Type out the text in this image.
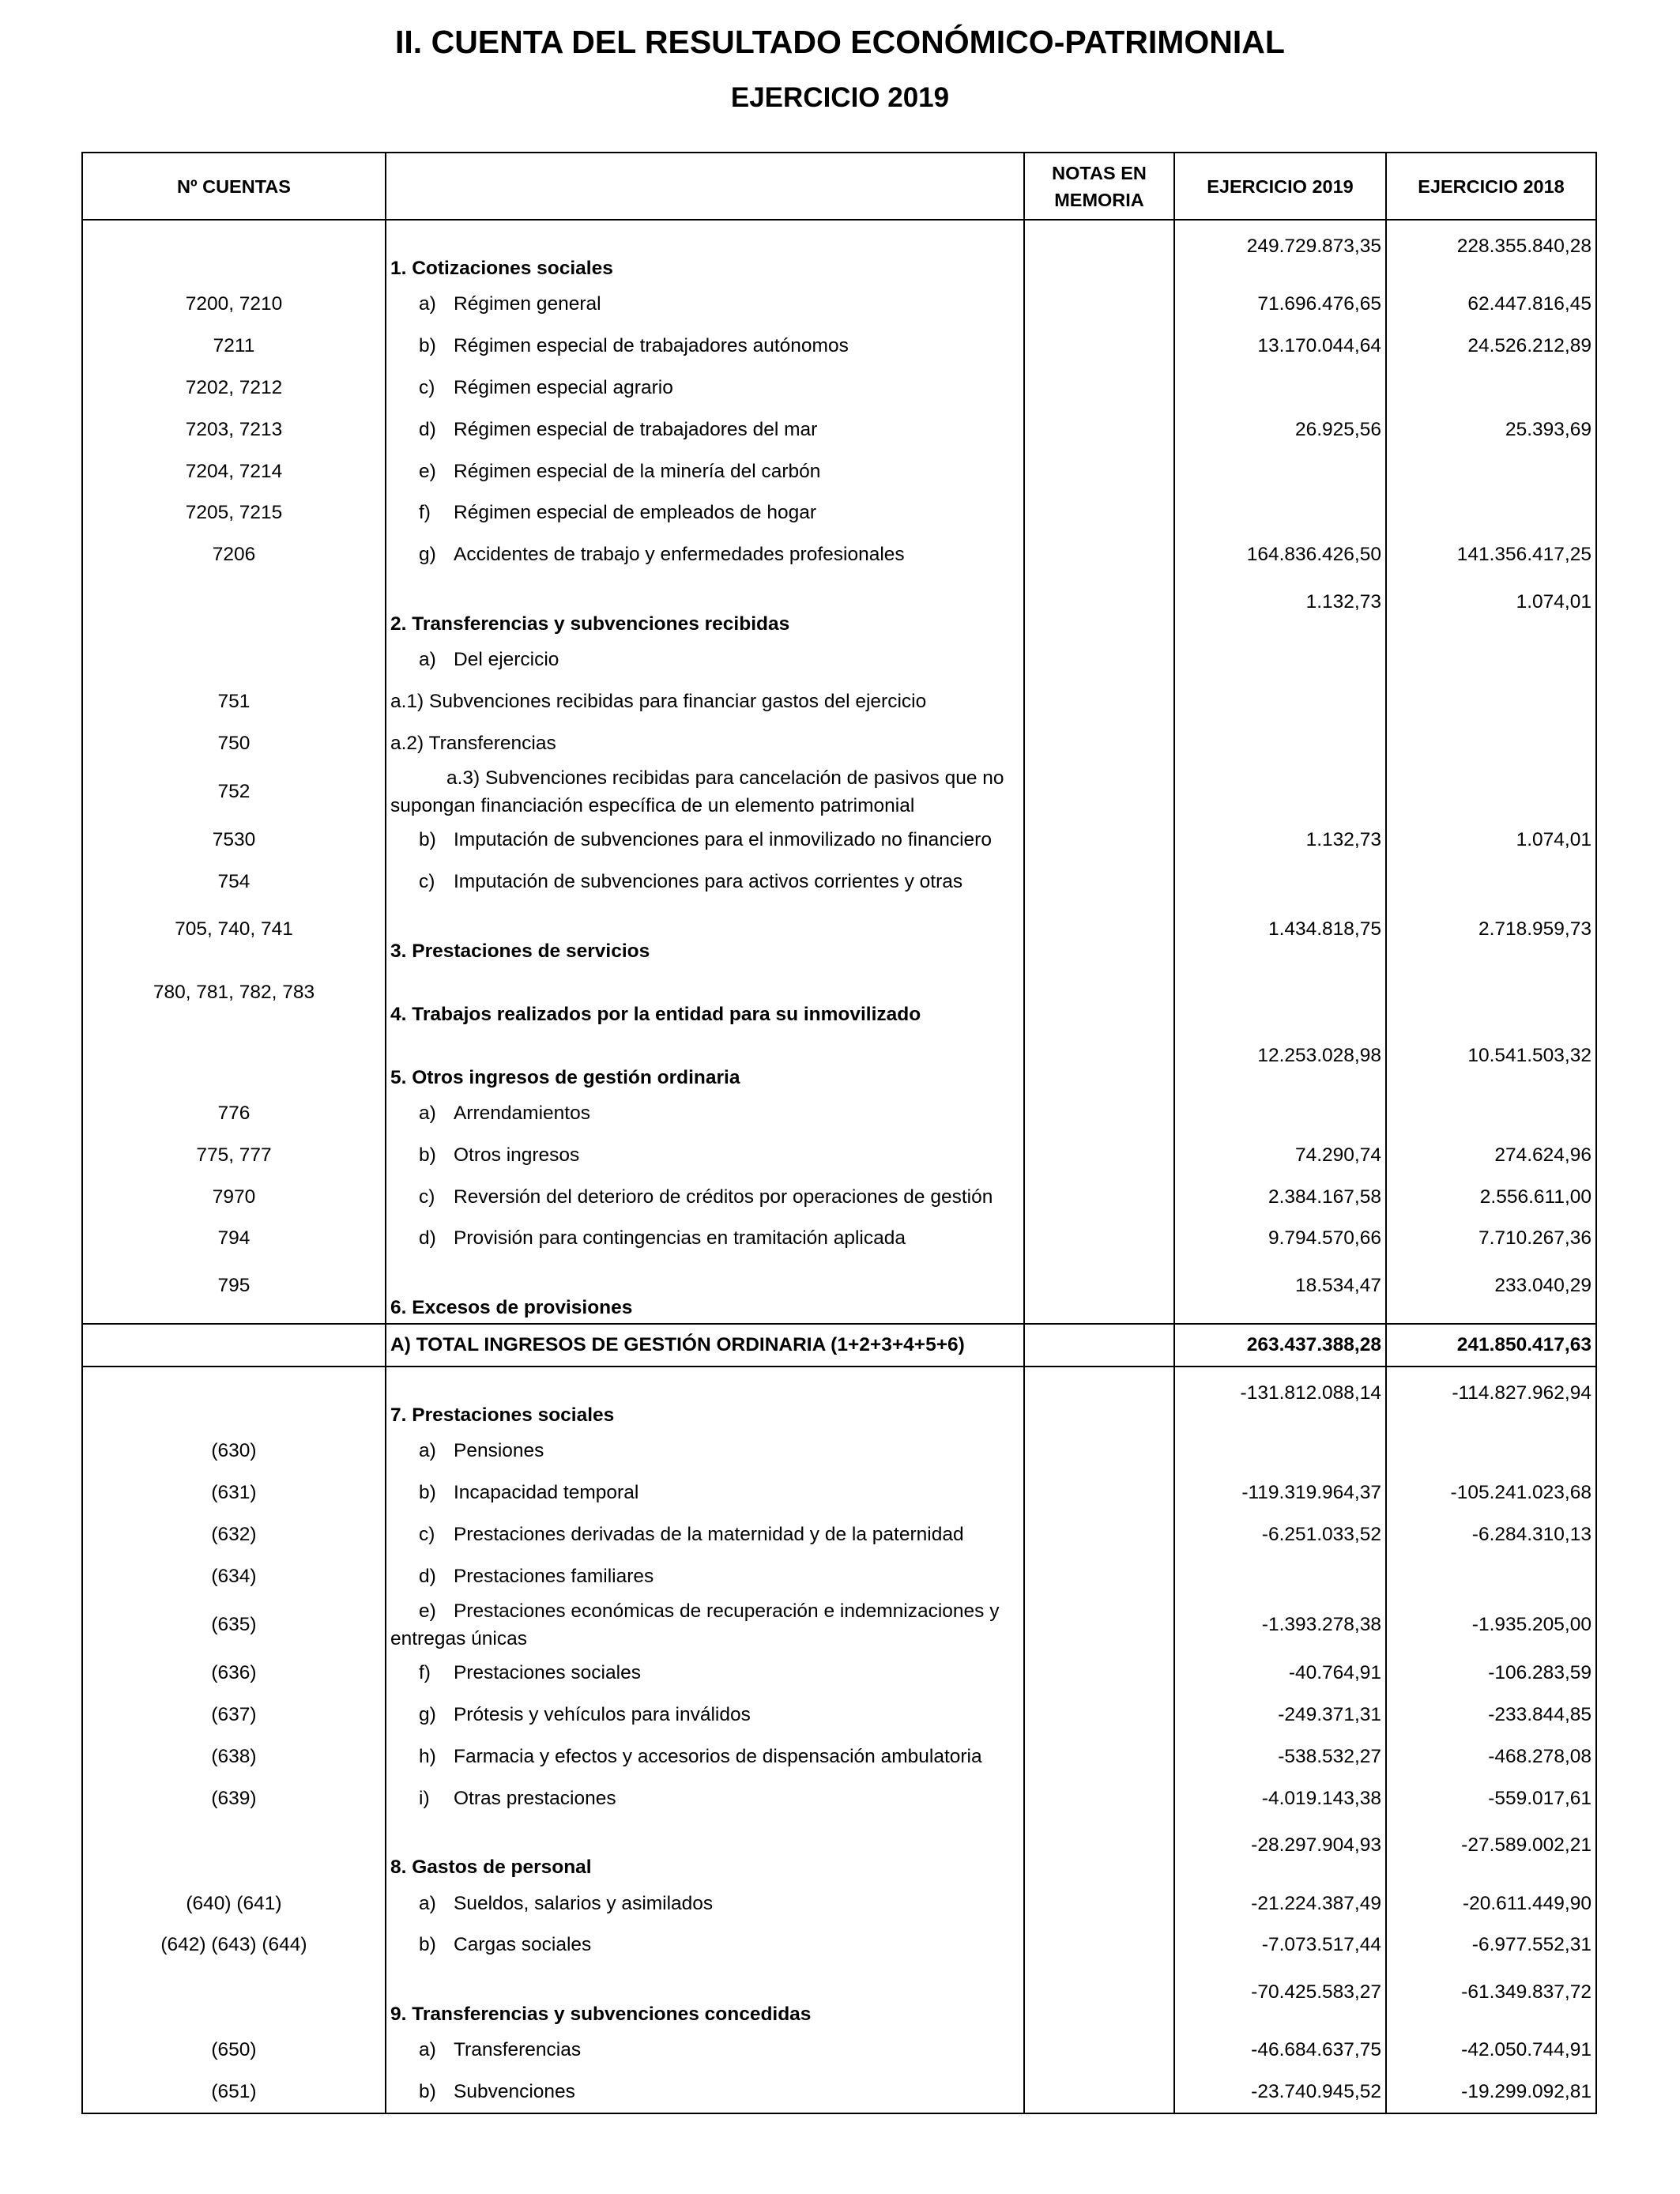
II. CUENTA DEL RESULTADO ECONÓMICO-PATRIMONIAL
EJERCICIO 2019
Nº CUENTAS		NOTAS EN MEMORIA	EJERCICIO 2019	EJERCICIO 2018
	1. Cotizaciones sociales		249.729.873,35	228.355.840,28
7200, 7210	a) Régimen general		71.696.476,65	62.447.816,45
7211	b) Régimen especial de trabajadores autónomos		13.170.044,64	24.526.212,89
7202, 7212	c) Régimen especial agrario			
7203, 7213	d) Régimen especial de trabajadores del mar		26.925,56	25.393,69
7204, 7214	e) Régimen especial de la minería del carbón			
7205, 7215	f) Régimen especial de empleados de hogar			
7206	g) Accidentes de trabajo y enfermedades profesionales		164.836.426,50	141.356.417,25
	2. Transferencias y subvenciones recibidas		1.132,73	1.074,01
	a) Del ejercicio			
751	a.1) Subvenciones recibidas para financiar gastos del ejercicio			
750	a.2) Transferencias			
752	a.3) Subvenciones recibidas para cancelación de pasivos que no supongan financiación específica de un elemento patrimonial			
7530	b) Imputación de subvenciones para el inmovilizado no financiero		1.132,73	1.074,01
754	c) Imputación de subvenciones para activos corrientes y otras			
705, 740, 741	3. Prestaciones de servicios		1.434.818,75	2.718.959,73
780, 781, 782, 783	4. Trabajos realizados por la entidad para su inmovilizado			
	5. Otros ingresos de gestión ordinaria		12.253.028,98	10.541.503,32
776	a) Arrendamientos			
775, 777	b) Otros ingresos		74.290,74	274.624,96
7970	c) Reversión del deterioro de créditos por operaciones de gestión		2.384.167,58	2.556.611,00
794	d) Provisión para contingencias en tramitación aplicada		9.794.570,66	7.710.267,36
795	6. Excesos de provisiones		18.534,47	233.040,29
	A) TOTAL INGRESOS DE GESTIÓN ORDINARIA (1+2+3+4+5+6)		263.437.388,28	241.850.417,63
	7. Prestaciones sociales		-131.812.088,14	-114.827.962,94
(630)	a) Pensiones			
(631)	b) Incapacidad temporal		-119.319.964,37	-105.241.023,68
(632)	c) Prestaciones derivadas de la maternidad y de la paternidad		-6.251.033,52	-6.284.310,13
(634)	d) Prestaciones familiares			
(635)	e) Prestaciones económicas de recuperación e indemnizaciones y entregas únicas		-1.393.278,38	-1.935.205,00
(636)	f) Prestaciones sociales		-40.764,91	-106.283,59
(637)	g) Prótesis y vehículos para inválidos		-249.371,31	-233.844,85
(638)	h) Farmacia y efectos y accesorios de dispensación ambulatoria		-538.532,27	-468.278,08
(639)	i) Otras prestaciones		-4.019.143,38	-559.017,61
	8. Gastos de personal		-28.297.904,93	-27.589.002,21
(640) (641)	a) Sueldos, salarios y asimilados		-21.224.387,49	-20.611.449,90
(642) (643) (644)	b) Cargas sociales		-7.073.517,44	-6.977.552,31
	9. Transferencias y subvenciones concedidas		-70.425.583,27	-61.349.837,72
(650)	a) Transferencias		-46.684.637,75	-42.050.744,91
(651)	b) Subvenciones		-23.740.945,52	-19.299.092,81
